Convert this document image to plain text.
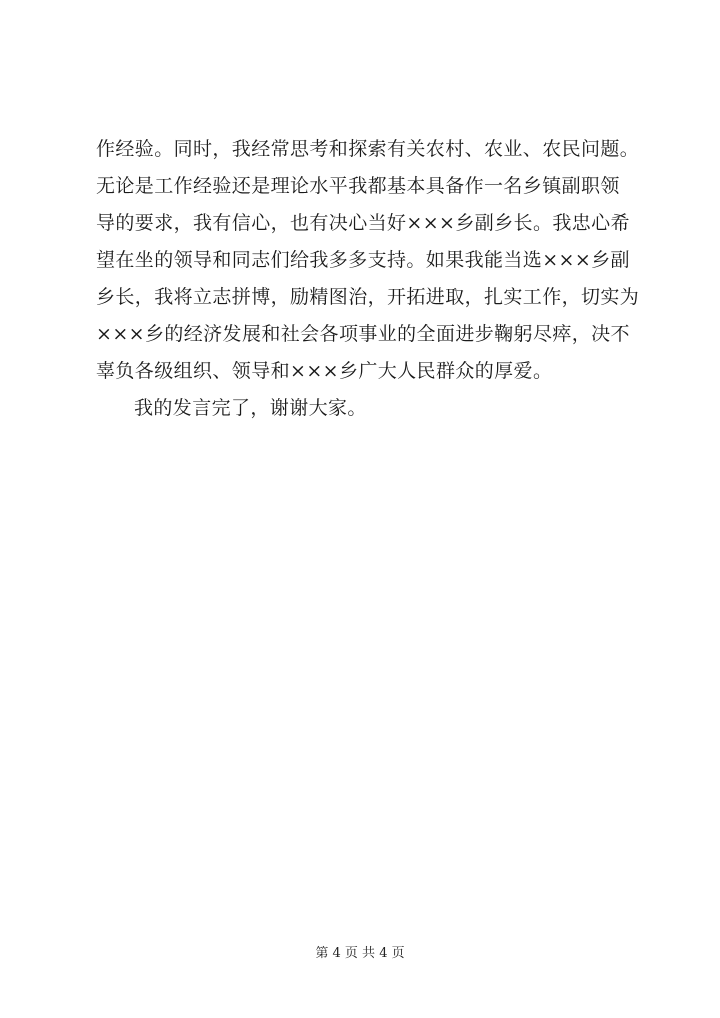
作经验。同时，我经常思考和探索有关农村、农业、农民问题。
无论是工作经验还是理论水平我都基本具备作一名乡镇副职领
导的要求，我有信心，也有决心当好×××乡副乡长。我忠心希
望在坐的领导和同志们给我多多支持。如果我能当选×××乡副
乡长，我将立志拼博，励精图治，开拓进取，扎实工作，切实为
×××乡的经济发展和社会各项事业的全面进步鞠躬尽瘁，决不
辜负各级组织、领导和×××乡广大人民群众的厚爱。
我的发言完了，谢谢大家。
第 4 页 共 4 页
